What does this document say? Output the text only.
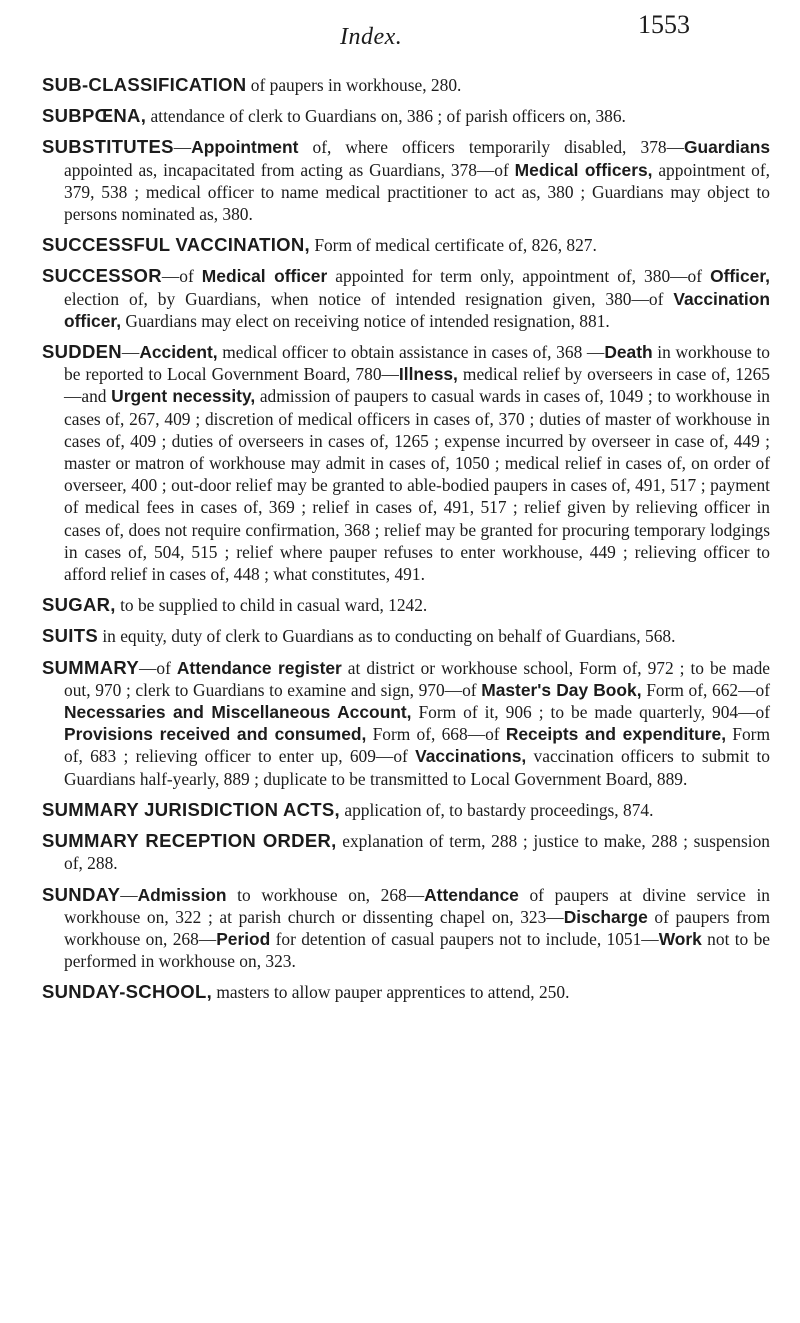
Index.	1553

SUB-CLASSIFICATION of paupers in workhouse, 280.

SUBPŒNA, attendance of clerk to Guardians on, 386 ; of parish officers on, 386.

SUBSTITUTES—Appointment of, where officers temporarily disabled, 378—Guardians appointed as, incapacitated from acting as Guardians, 378—of Medical officers, appointment of, 379, 538 ; medical officer to name medical practitioner to act as, 380 ; Guardians may object to persons nominated as, 380.

SUCCESSFUL VACCINATION, Form of medical certificate of, 826, 827.

SUCCESSOR—of Medical officer appointed for term only, appointment of, 380—of Officer, election of, by Guardians, when notice of intended resignation given, 380—of Vaccination officer, Guardians may elect on receiving notice of intended resignation, 881.

SUDDEN—Accident, medical officer to obtain assistance in cases of, 368 —Death in workhouse to be reported to Local Government Board, 780—Illness, medical relief by overseers in case of, 1265—and Urgent necessity, admission of paupers to casual wards in cases of, 1049 ; to workhouse in cases of, 267, 409 ; discretion of medical officers in cases of, 370 ; duties of master of workhouse in cases of, 409 ; duties of overseers in cases of, 1265 ; expense incurred by overseer in case of, 449 ; master or matron of workhouse may admit in cases of, 1050 ; medical relief in cases of, on order of overseer, 400 ; out-door relief may be granted to able-bodied paupers in cases of, 491, 517 ; payment of medical fees in cases of, 369 ; relief in cases of, 491, 517 ; relief given by relieving officer in cases of, does not require confirmation, 368 ; relief may be granted for procuring temporary lodgings in cases of, 504, 515 ; relief where pauper refuses to enter workhouse, 449 ; relieving officer to afford relief in cases of, 448 ; what constitutes, 491.

SUGAR, to be supplied to child in casual ward, 1242.

SUITS in equity, duty of clerk to Guardians as to conducting on behalf of Guardians, 568.

SUMMARY—of Attendance register at district or workhouse school, Form of, 972 ; to be made out, 970 ; clerk to Guardians to examine and sign, 970—of Master's Day Book, Form of, 662—of Necessaries and Miscellaneous Account, Form of it, 906 ; to be made quarterly, 904—of Provisions received and consumed, Form of, 668—of Receipts and expenditure, Form of, 683 ; relieving officer to enter up, 609—of Vaccinations, vaccination officers to submit to Guardians half-yearly, 889 ; duplicate to be transmitted to Local Government Board, 889.

SUMMARY JURISDICTION ACTS, application of, to bastardy proceedings, 874.

SUMMARY RECEPTION ORDER, explanation of term, 288 ; justice to make, 288 ; suspension of, 288.

SUNDAY—Admission to workhouse on, 268—Attendance of paupers at divine service in workhouse on, 322 ; at parish church or dissenting chapel on, 323—Discharge of paupers from workhouse on, 268—Period for detention of casual paupers not to include, 1051—Work not to be performed in workhouse on, 323.

SUNDAY-SCHOOL, masters to allow pauper apprentices to attend, 250.
